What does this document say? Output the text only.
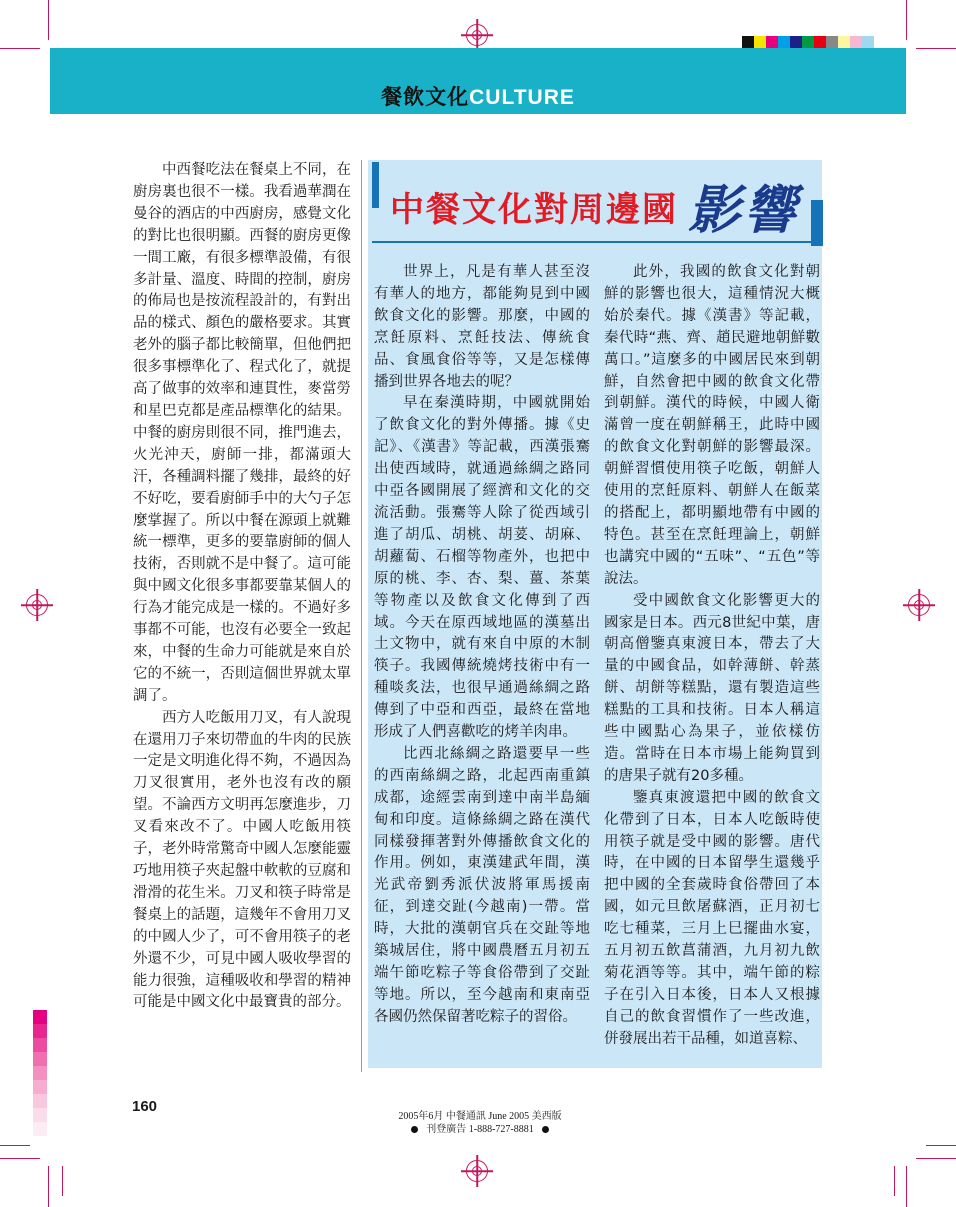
餐飲文化CULTURE

中西餐吃法在餐桌上不同，在廚房裏也很不一樣。我看過華潤在曼谷的酒店的中西廚房，感覺文化的對比也很明顯。西餐的廚房更像一間工廠，有很多標準設備，有很多計量、溫度、時間的控制，廚房的佈局也是按流程設計的，有對出品的樣式、顏色的嚴格要求。其實老外的腦子都比較簡單，但他們把很多事標準化了、程式化了，就提高了做事的效率和連貫性，麥當勞和星巴克都是產品標準化的結果。中餐的廚房則很不同，推門進去，火光沖天，廚師一排，都滿頭大汗，各種調料擺了幾排，最終的好不好吃，要看廚師手中的大勺子怎麼掌握了。所以中餐在源頭上就難統一標準，更多的要靠廚師的個人技術，否則就不是中餐了。這可能與中國文化很多事都要靠某個人的行為才能完成是一樣的。不過好多事都不可能，也沒有必要全一致起來，中餐的生命力可能就是來自於它的不統一，否則這個世界就太單調了。

西方人吃飯用刀叉，有人說現在還用刀子來切帶血的牛肉的民族一定是文明進化得不夠，不過因為刀叉很實用，老外也沒有改的願望。不論西方文明再怎麼進步，刀叉看來改不了。中國人吃飯用筷子，老外時常驚奇中國人怎麼能靈巧地用筷子夾起盤中軟軟的豆腐和滑滑的花生米。刀叉和筷子時常是餐桌上的話題，這幾年不會用刀叉的中國人少了，可不會用筷子的老外還不少，可見中國人吸收學習的能力很強，這種吸收和學習的精神可能是中國文化中最寶貴的部分。

中餐文化對周邊國 影響

世界上，凡是有華人甚至沒有華人的地方，都能夠見到中國飲食文化的影響。那麼，中國的烹飪原料、烹飪技法、傳統食品、食風食俗等等，又是怎樣傳播到世界各地去的呢？

早在秦漢時期，中國就開始了飲食文化的對外傳播。據《史記》、《漢書》等記載，西漢張騫出使西域時，就通過絲綢之路同中亞各國開展了經濟和文化的交流活動。張騫等人除了從西域引進了胡瓜、胡桃、胡荽、胡麻、胡蘿蔔、石榴等物產外，也把中原的桃、李、杏、梨、薑、茶葉等物產以及飲食文化傳到了西域。今天在原西域地區的漢墓出土文物中，就有來自中原的木制筷子。我國傳統燒烤技術中有一種啖炙法，也很早通過絲綢之路傳到了中亞和西亞，最終在當地形成了人們喜歡吃的烤羊肉串。

比西北絲綢之路還要早一些的西南絲綢之路，北起西南重鎮成都，途經雲南到達中南半島緬甸和印度。這條絲綢之路在漢代同樣發揮著對外傳播飲食文化的作用。例如，東漢建武年間，漢光武帝劉秀派伏波將軍馬援南征，到達交趾(今越南)一帶。當時，大批的漢朝官兵在交趾等地築城居住，將中國農曆五月初五端午節吃粽子等食俗帶到了交趾等地。所以，至今越南和東南亞各國仍然保留著吃粽子的習俗。

此外，我國的飲食文化對朝鮮的影響也很大，這種情況大概始於秦代。據《漢書》等記載，秦代時“燕、齊、趙民避地朝鮮數萬口。”這麼多的中國居民來到朝鮮，自然會把中國的飲食文化帶到朝鮮。漢代的時候，中國人衛滿曾一度在朝鮮稱王，此時中國的飲食文化對朝鮮的影響最深。朝鮮習慣使用筷子吃飯，朝鮮人使用的烹飪原料、朝鮮人在飯菜的搭配上，都明顯地帶有中國的特色。甚至在烹飪理論上，朝鮮也講究中國的“五味”、“五色”等說法。

受中國飲食文化影響更大的國家是日本。西元8世紀中葉，唐朝高僧鑒真東渡日本，帶去了大量的中國食品，如幹薄餅、幹蒸餅、胡餅等糕點，還有製造這些糕點的工具和技術。日本人稱這些中國點心為果子，並依樣仿造。當時在日本市場上能夠買到的唐果子就有20多種。

鑒真東渡還把中國的飲食文化帶到了日本，日本人吃飯時使用筷子就是受中國的影響。唐代時，在中國的日本留學生還幾乎把中國的全套歲時食俗帶回了本國，如元旦飲屠蘇酒，正月初七吃七種菜，三月上巳擺曲水宴，五月初五飲菖蒲酒，九月初九飲菊花酒等等。其中，端午節的粽子在引入日本後，日本人又根據自己的飲食習慣作了一些改進，併發展出若干品種，如道喜粽、

160
2005年6月 中餐通訊 June 2005 美西版
刊登廣告 1-888-727-8881
